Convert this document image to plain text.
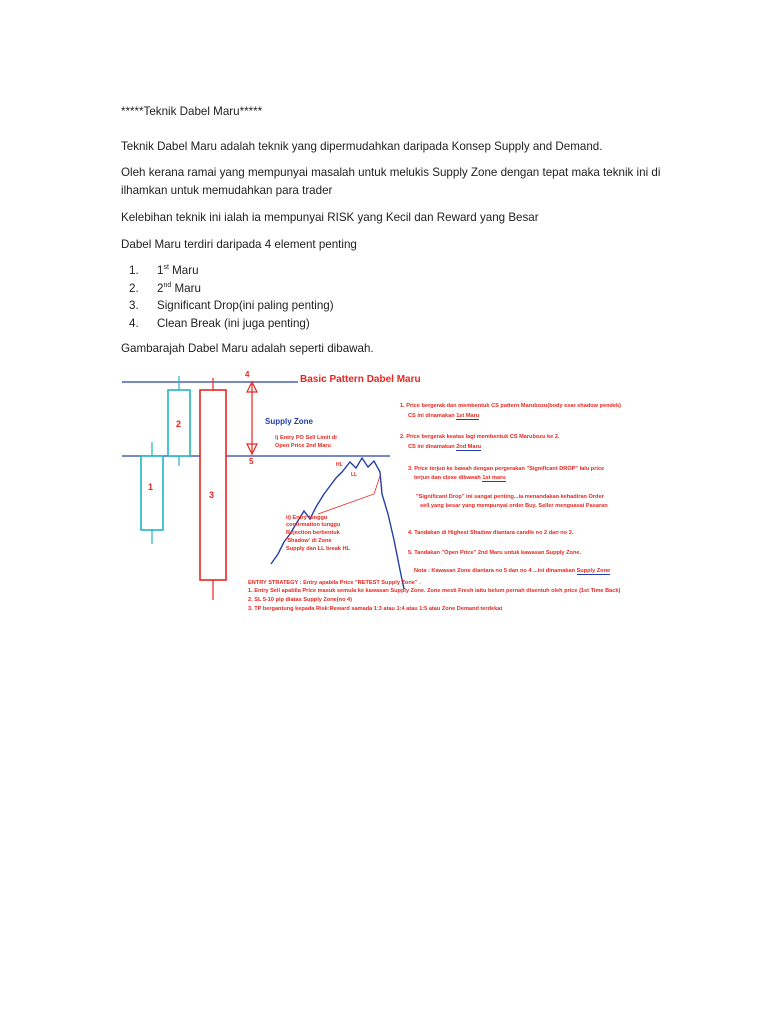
*****Teknik Dabel Maru*****

Teknik Dabel Maru adalah teknik yang dipermudahkan daripada Konsep Supply and Demand.

Oleh kerana ramai yang mempunyai masalah untuk melukis Supply Zone dengan tepat maka teknik ini di

ilhamkan untuk memudahkan para trader

Kelebihan teknik ini ialah ia mempunyai RISK yang Kecil dan Reward yang Besar

Dabel Maru terdiri daripada 4 element penting

1. 1st Maru
2. 2nd Maru
3. Significant Drop(ini paling penting)
4. Clean Break (ini juga penting)

Gambarajah Dabel Maru adalah seperti dibawah.

4
5
1
2
3
Basic Pattern Dabel Maru
Supply Zone
i) Entry PO Sell Limit di
Open Price 2nd Maru
HL
LL
ii) Entry tunggu
confirmation tunggu
Rejection berbentuk
'Shadow' di Zone
Supply dan LL break HL
1. Price bergerak dan membentuk CS pattern Marubozu(body esar shadow pendek)
CS ini dinamakan 1st Maru
2. Price bergerak keatas lagi membentuk CS Marubozu ke 2.
CS ini dinamakan 2nd Maru
3. Price terjun ke bawah dengan pergerakan "Significant DROP" lalu price
terjun dan close dibawah 1st maru
"Significant Drop" ini sangat penting...ia menandakan kehadiran Order
sell yang besar yang mempunyai order Buy. Seller menguasai Pasaran
4. Tandakan di Highest Shadow diantara candle no 2 dan no 3.
5. Tandakan "Open Price" 2nd Maru untuk kawasan Supply Zone.
Nota : Kawasan Zone diantara no 5 dan no 4 ...ini dinamakan Supply Zone
ENTRY STRATEGY : Entry apabila Price "RETEST Supply Zone" .
1. Entry Sell apabila Price masuk semula ke kawasan Supply Zone. Zone mesti Fresh iaitu belum pernah disentuh oleh price (1st Time Back)
2. SL 5-10 pip diatas Supply Zone(no 4)
3. TP bergantung kepada Risk:Reward samada 1:3 atau 1:4 atau 1:5 atau Zone Demand terdekat
